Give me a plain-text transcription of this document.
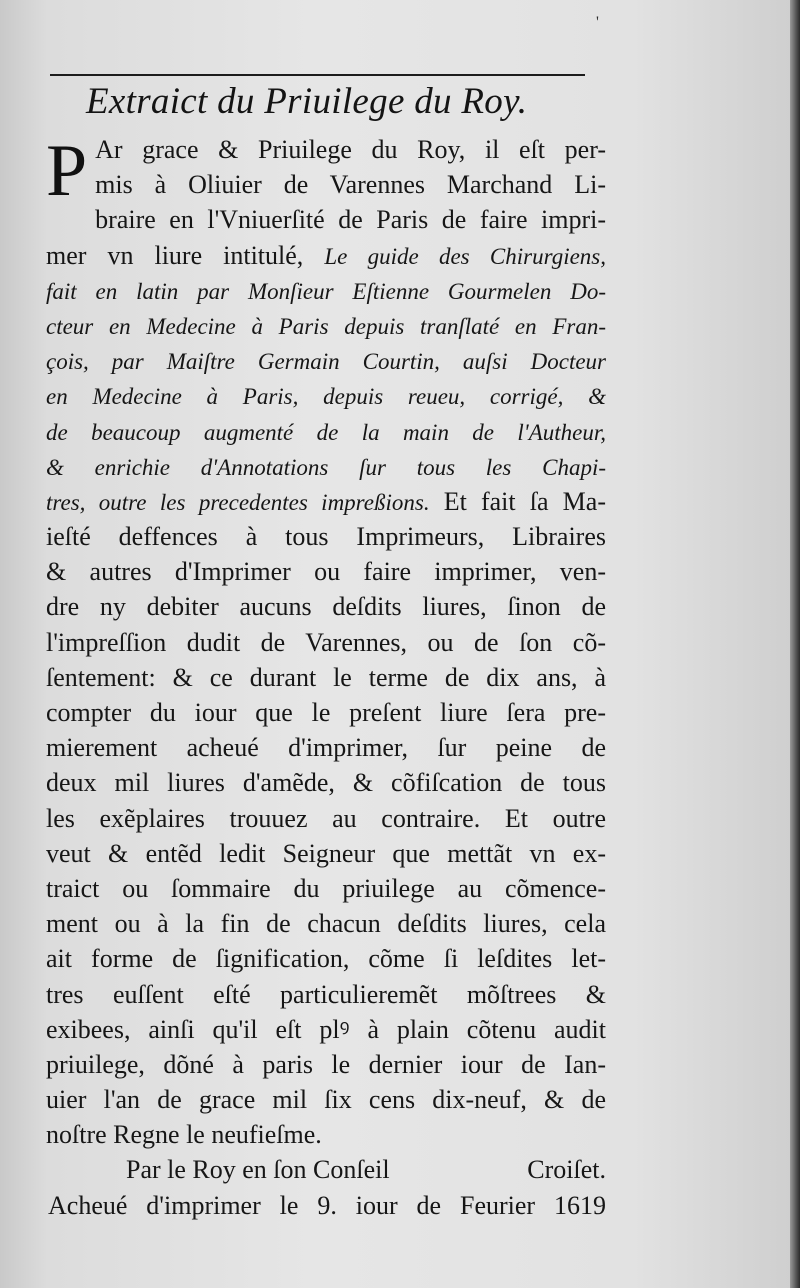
'
Extraict du Priuilege du Roy.
P Ar grace & Priuilege du Roy, il eſt per-
mis à Oliuier de Varennes Marchand Li-
braire en l'Vniuerſité de Paris de faire impri-
mer vn liure intitulé, Le guide des Chirurgiens,
fait en latin par Monſieur Eſtienne Gourmelen Do-
cteur en Medecine à Paris depuis tranſlaté en Fran-
çois, par Maiſtre Germain Courtin, auſsi Docteur
en Medecine à Paris, depuis reueu, corrigé, &
de beaucoup augmenté de la main de l'Autheur,
& enrichie d'Annotations ſur tous les Chapi-
tres, outre les precedentes impreßions. Et fait ſa Ma-
ieſté deffences à tous Imprimeurs, Libraires
& autres d'Imprimer ou faire imprimer, ven-
dre ny debiter aucuns deſdits liures, ſinon de
l'impreſſion dudit de Varennes, ou de ſon cõ-
ſentement: & ce durant le terme de dix ans, à
compter du iour que le preſent liure ſera pre-
mierement acheué d'imprimer, ſur peine de
deux mil liures d'amẽde, & cõfiſcation de tous
les exẽplaires trouuez au contraire. Et outre
veut & entẽd ledit Seigneur que mettãt vn ex-
traict ou ſommaire du priuilege au cõmence-
ment ou à la fin de chacun deſdits liures, cela
ait forme de ſignification, cõme ſi leſdites let-
tres euſſent eſté particulieremẽt mõſtrees &
exibees, ainſi qu'il eſt plꝰ à plain cõtenu audit
priuilege, dõné à paris le dernier iour de Ian-
uier l'an de grace mil ſix cens dix-neuf, & de
noſtre Regne le neufieſme.
Par le Roy en ſon Conſeil	Croiſet.
Acheué d'imprimer le 9. iour de Feurier 1619
